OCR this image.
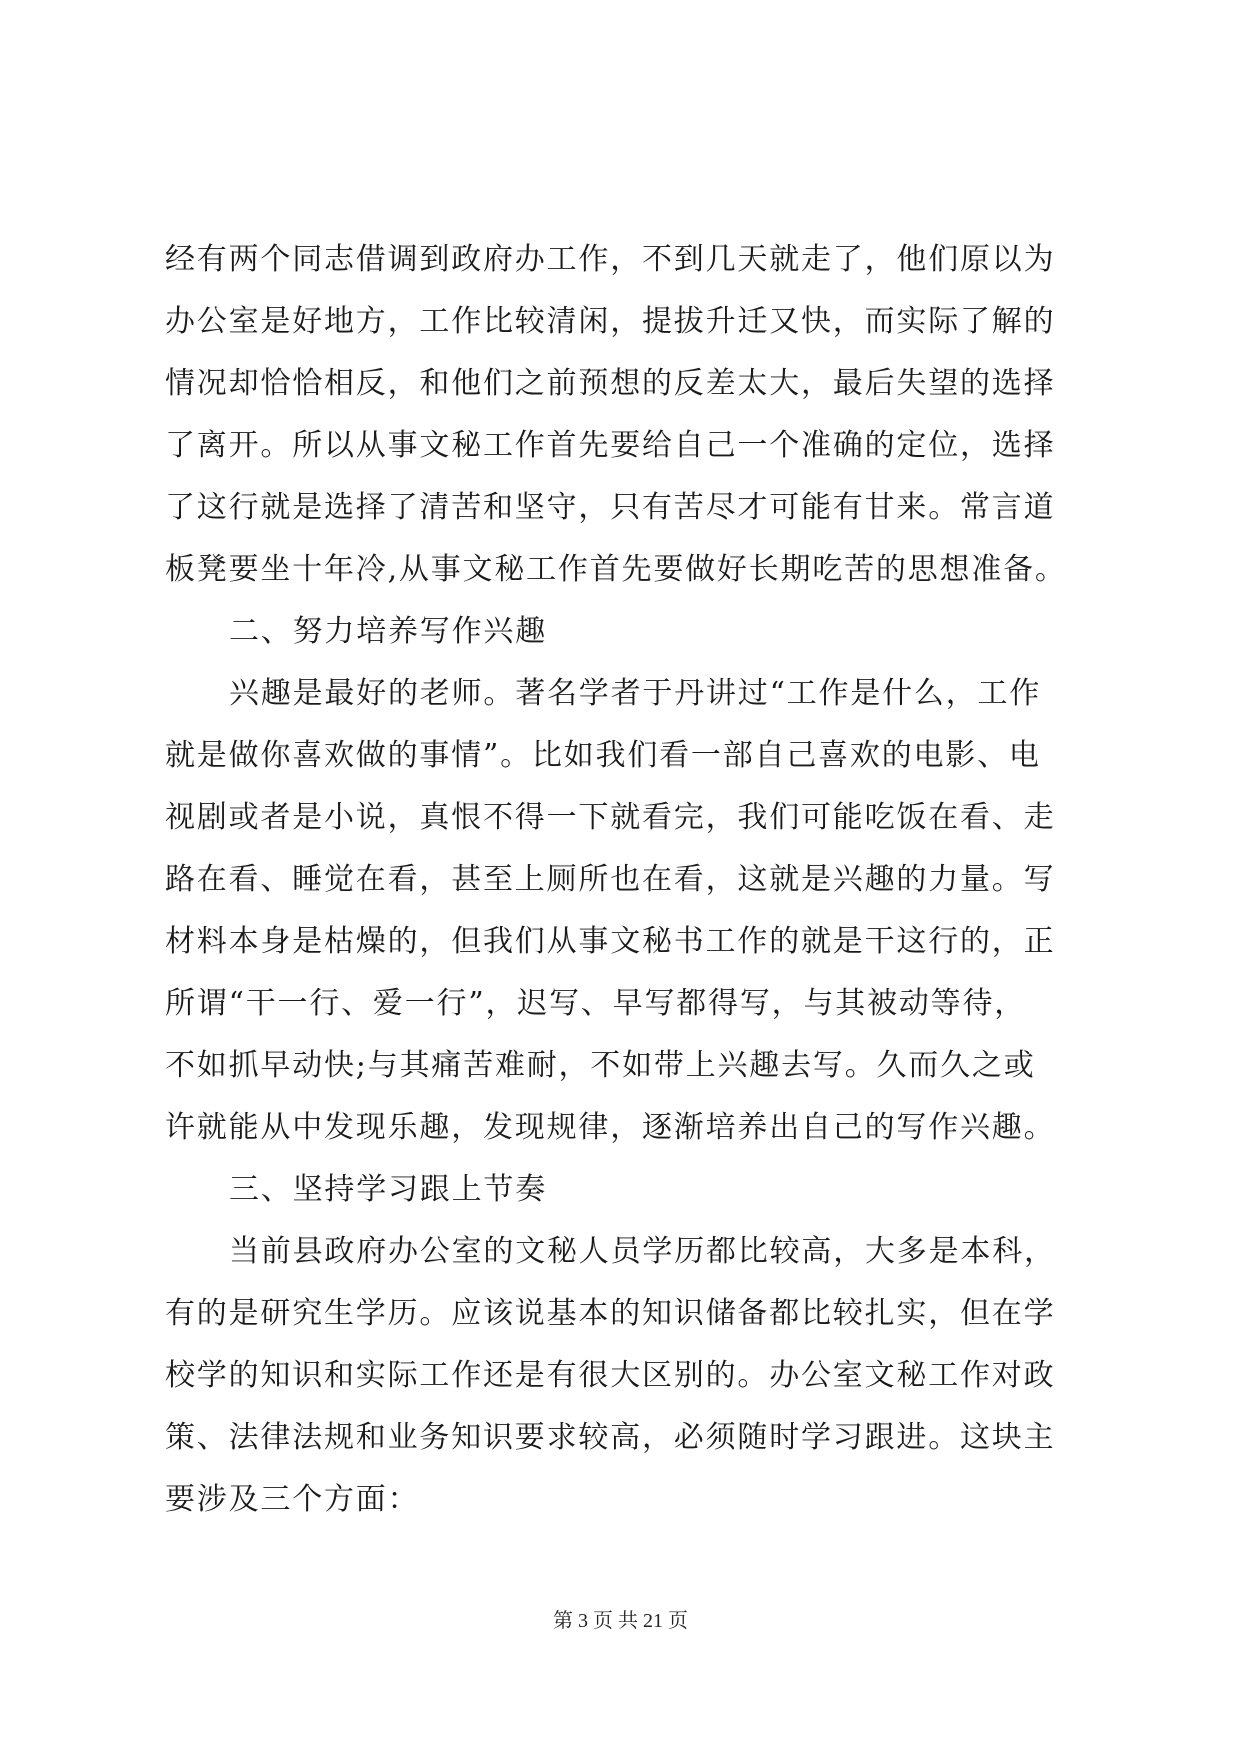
经有两个同志借调到政府办工作，不到几天就走了，他们原以为

办公室是好地方，工作比较清闲，提拔升迁又快，而实际了解的

情况却恰恰相反，和他们之前预想的反差太大，最后失望的选择

了离开。所以从事文秘工作首先要给自己一个准确的定位，选择

了这行就是选择了清苦和坚守，只有苦尽才可能有甘来。常言道

板凳要坐十年冷,从事文秘工作首先要做好长期吃苦的思想准备。

二、努力培养写作兴趣

兴趣是最好的老师。著名学者于丹讲过“工作是什么，工作

就是做你喜欢做的事情”。比如我们看一部自己喜欢的电影、电

视剧或者是小说，真恨不得一下就看完，我们可能吃饭在看、走

路在看、睡觉在看，甚至上厕所也在看，这就是兴趣的力量。写

材料本身是枯燥的，但我们从事文秘书工作的就是干这行的，正

所谓“干一行、爱一行”，迟写、早写都得写，与其被动等待，

不如抓早动快;与其痛苦难耐，不如带上兴趣去写。久而久之或

许就能从中发现乐趣，发现规律，逐渐培养出自己的写作兴趣。

三、坚持学习跟上节奏

当前县政府办公室的文秘人员学历都比较高，大多是本科，

有的是研究生学历。应该说基本的知识储备都比较扎实，但在学

校学的知识和实际工作还是有很大区别的。办公室文秘工作对政

策、法律法规和业务知识要求较高，必须随时学习跟进。这块主

要涉及三个方面：

第 3 页 共 21 页
